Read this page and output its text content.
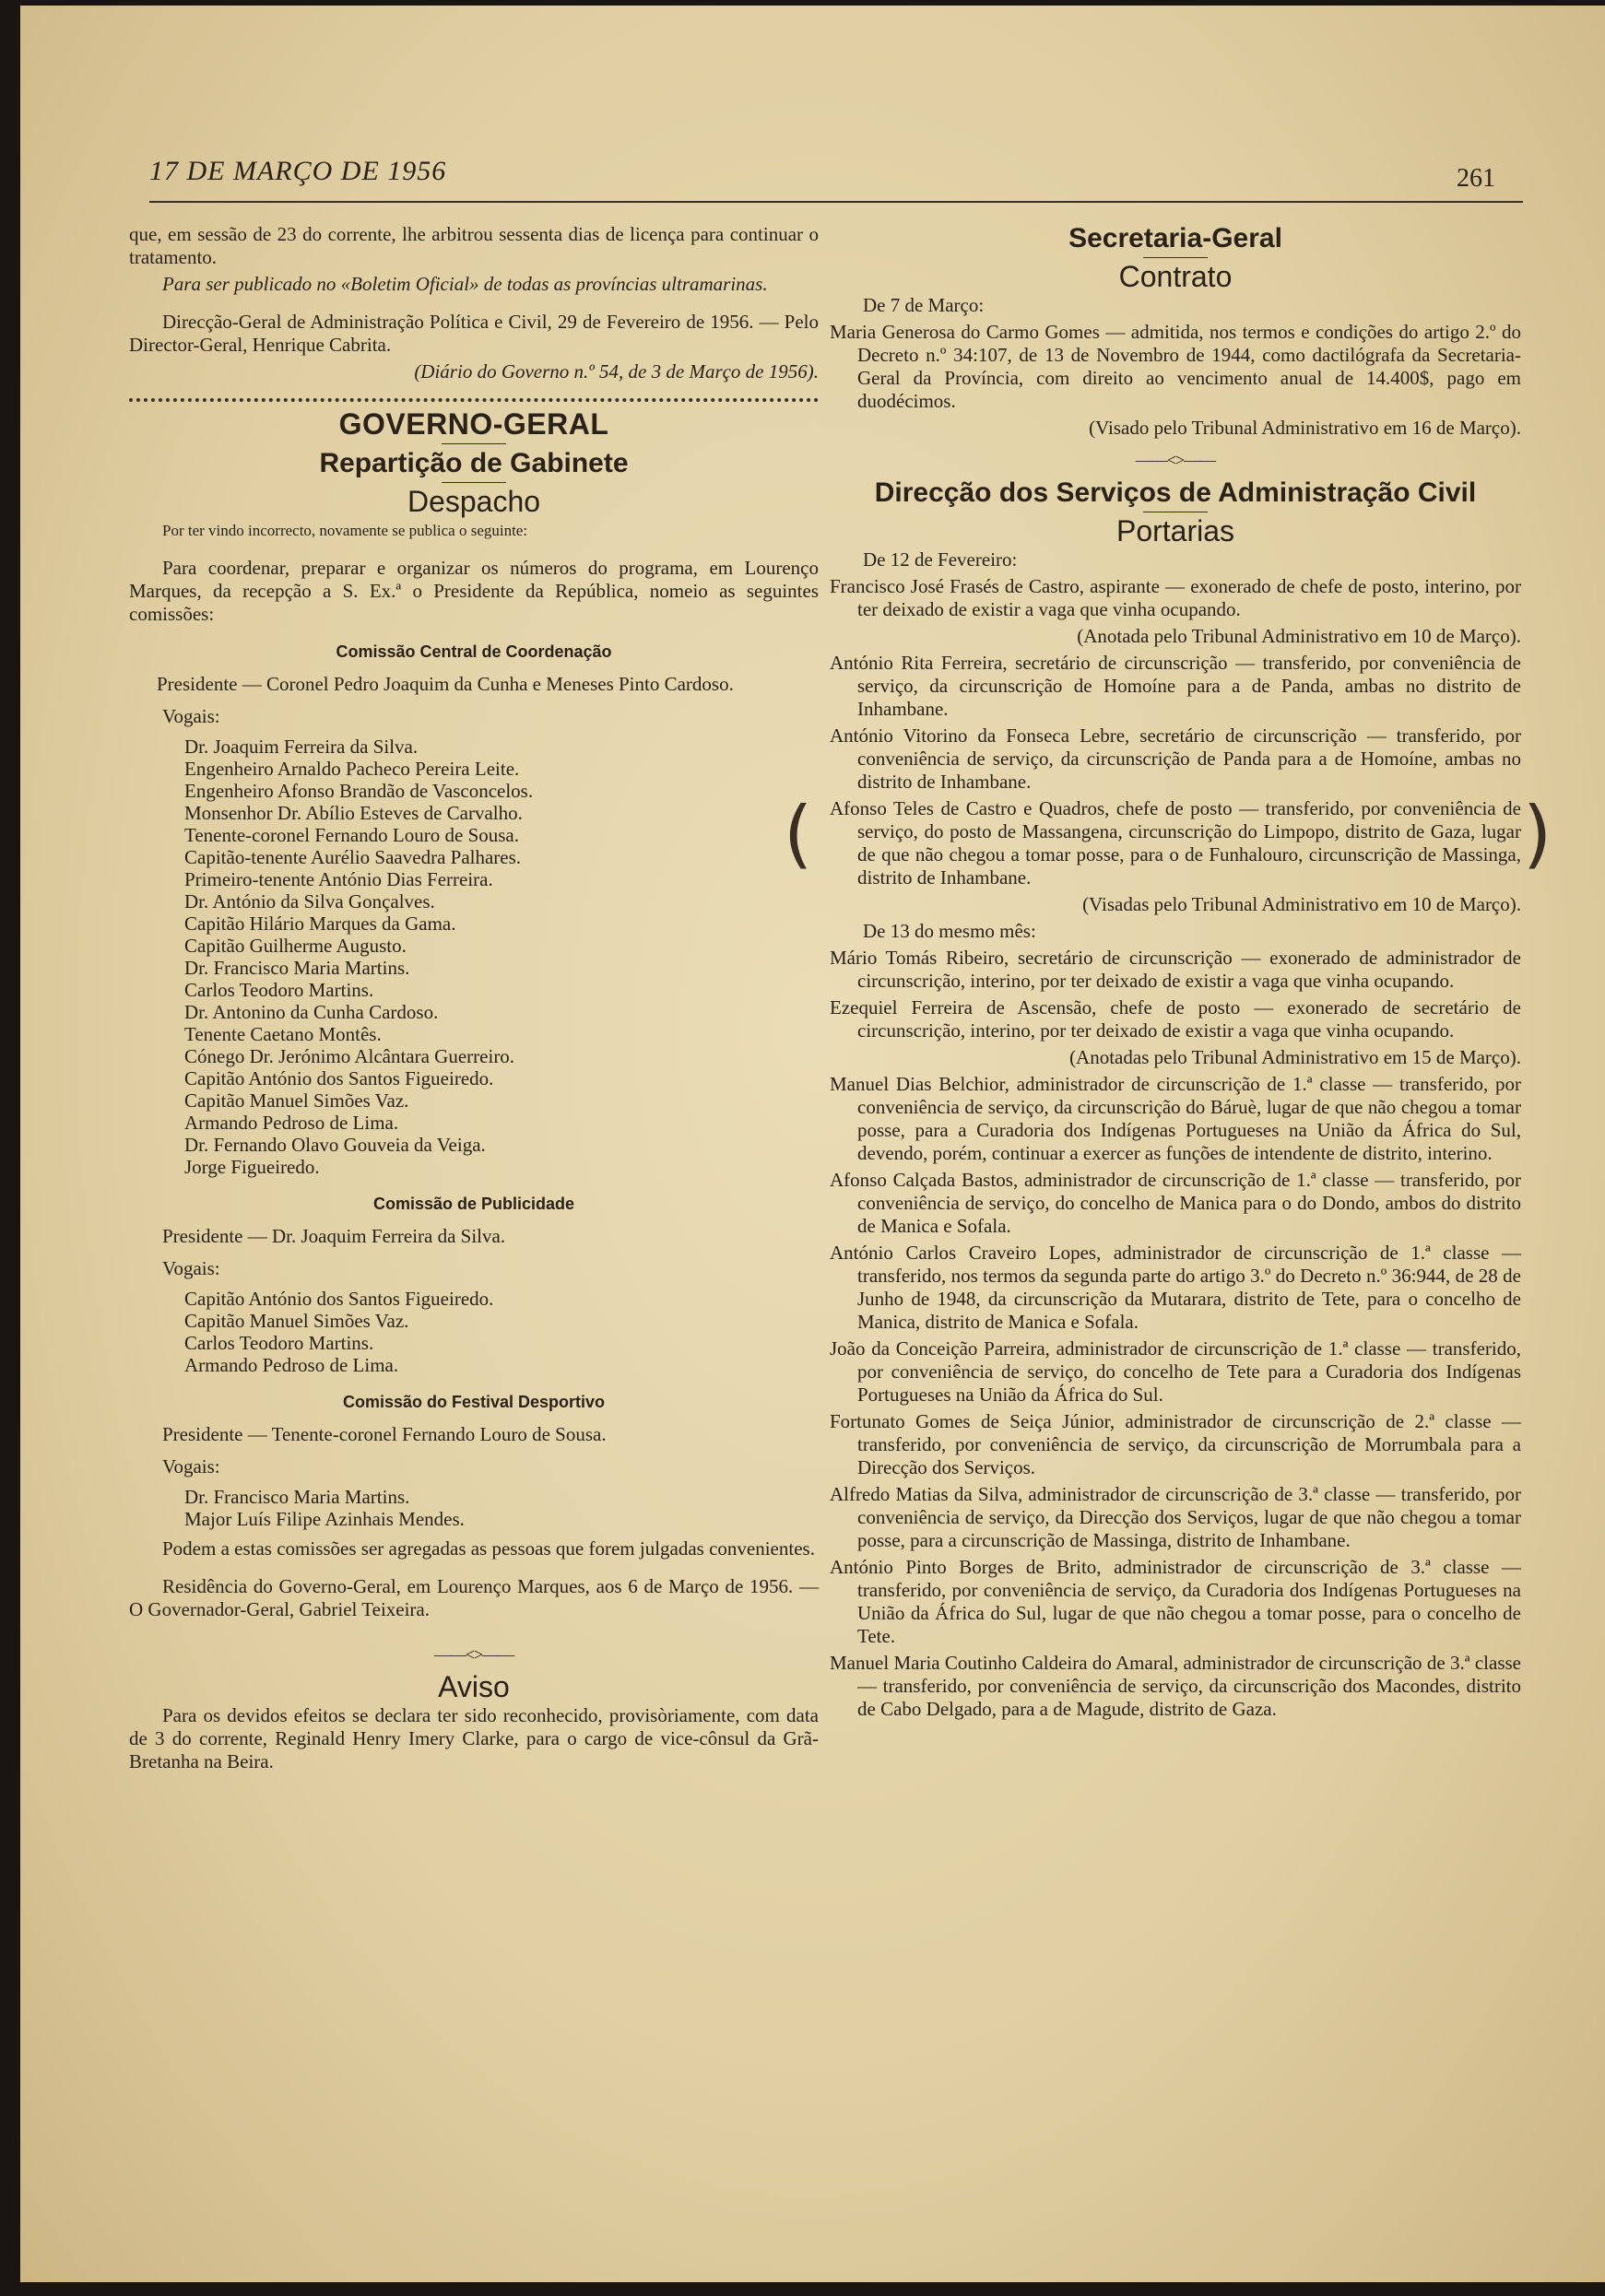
17 DE MARÇO DE 1956	261

que, em sessão de 23 do corrente, lhe arbitrou sessenta dias de licença para continuar o tratamento.

Para ser publicado no «Boletim Oficial» de todas as províncias ultramarinas.

Direcção-Geral de Administração Política e Civil, 29 de Fevereiro de 1956. — Pelo Director-Geral, Henrique Cabrita.

(Diário do Governo n.º 54, de 3 de Março de 1956).

GOVERNO-GERAL
Repartição de Gabinete
Despacho

Por ter vindo incorrecto, novamente se publica o seguinte:

Para coordenar, preparar e organizar os números do programa, em Lourenço Marques, da recepção a S. Ex.ª o Presidente da República, nomeio as seguintes comissões:

Comissão Central de Coordenação

Presidente — Coronel Pedro Joaquim da Cunha e Meneses Pinto Cardoso.

Vogais:

Dr. Joaquim Ferreira da Silva.
Engenheiro Arnaldo Pacheco Pereira Leite.
Engenheiro Afonso Brandão de Vasconcelos.
Monsenhor Dr. Abílio Esteves de Carvalho.
Tenente-coronel Fernando Louro de Sousa.
Capitão-tenente Aurélio Saavedra Palhares.
Primeiro-tenente António Dias Ferreira.
Dr. António da Silva Gonçalves.
Capitão Hilário Marques da Gama.
Capitão Guilherme Augusto.
Dr. Francisco Maria Martins.
Carlos Teodoro Martins.
Dr. Antonino da Cunha Cardoso.
Tenente Caetano Montês.
Cónego Dr. Jerónimo Alcântara Guerreiro.
Capitão António dos Santos Figueiredo.
Capitão Manuel Simões Vaz.
Armando Pedroso de Lima.
Dr. Fernando Olavo Gouveia da Veiga.
Jorge Figueiredo.
Comissão de Publicidade

Presidente — Dr. Joaquim Ferreira da Silva.

Vogais:

Capitão António dos Santos Figueiredo.
Capitão Manuel Simões Vaz.
Carlos Teodoro Martins.
Armando Pedroso de Lima.
Comissão do Festival Desportivo

Presidente — Tenente-coronel Fernando Louro de Sousa.

Vogais:

Dr. Francisco Maria Martins.
Major Luís Filipe Azinhais Mendes.

Podem a estas comissões ser agregadas as pessoas que forem julgadas convenientes.

Residência do Governo-Geral, em Lourenço Marques, aos 6 de Março de 1956. — O Governador-Geral, Gabriel Teixeira.

——<>——
Aviso

Para os devidos efeitos se declara ter sido reconhecido, provisòriamente, com data de 3 do corrente, Reginald Henry Imery Clarke, para o cargo de vice-cônsul da Grã-Bretanha na Beira.

Secretaria-Geral
Contrato

De 7 de Março:

Maria Generosa do Carmo Gomes — admitida, nos termos e condições do artigo 2.º do Decreto n.º 34:107, de 13 de Novembro de 1944, como dactilógrafa da Secretaria-Geral da Província, com direito ao vencimento anual de 14.400$, pago em duodécimos.

(Visado pelo Tribunal Administrativo em 16 de Março).

——<>——
Direcção dos Serviços de Administração Civil
Portarias

De 12 de Fevereiro:

Francisco José Frasés de Castro, aspirante — exonerado de chefe de posto, interino, por ter deixado de existir a vaga que vinha ocupando.

(Anotada pelo Tribunal Administrativo em 10 de Março).

António Rita Ferreira, secretário de circunscrição — transferido, por conveniência de serviço, da circunscrição de Homoíne para a de Panda, ambas no distrito de Inhambane.

António Vitorino da Fonseca Lebre, secretário de circunscrição — transferido, por conveniência de serviço, da circunscrição de Panda para a de Homoíne, ambas no distrito de Inhambane.

Afonso Teles de Castro e Quadros, chefe de posto — transferido, por conveniência de serviço, do posto de Massangena, circunscrição do Limpopo, distrito de Gaza, lugar de que não chegou a tomar posse, para o de Funhalouro, circunscrição de Massinga, distrito de Inhambane.

(Visadas pelo Tribunal Administrativo em 10 de Março).

De 13 do mesmo mês:

Mário Tomás Ribeiro, secretário de circunscrição — exonerado de administrador de circunscrição, interino, por ter deixado de existir a vaga que vinha ocupando.

Ezequiel Ferreira de Ascensão, chefe de posto — exonerado de secretário de circunscrição, interino, por ter deixado de existir a vaga que vinha ocupando.

(Anotadas pelo Tribunal Administrativo em 15 de Março).

Manuel Dias Belchior, administrador de circunscrição de 1.ª classe — transferido, por conveniência de serviço, da circunscrição do Báruè, lugar de que não chegou a tomar posse, para a Curadoria dos Indígenas Portugueses na União da África do Sul, devendo, porém, continuar a exercer as funções de intendente de distrito, interino.

Afonso Calçada Bastos, administrador de circunscrição de 1.ª classe — transferido, por conveniência de serviço, do concelho de Manica para o do Dondo, ambos do distrito de Manica e Sofala.

António Carlos Craveiro Lopes, administrador de circunscrição de 1.ª classe — transferido, nos termos da segunda parte do artigo 3.º do Decreto n.º 36:944, de 28 de Junho de 1948, da circunscrição da Mutarara, distrito de Tete, para o concelho de Manica, distrito de Manica e Sofala.

João da Conceição Parreira, administrador de circunscrição de 1.ª classe — transferido, por conveniência de serviço, do concelho de Tete para a Curadoria dos Indígenas Portugueses na União da África do Sul.

Fortunato Gomes de Seiça Júnior, administrador de circunscrição de 2.ª classe — transferido, por conveniência de serviço, da circunscrição de Morrumbala para a Direcção dos Serviços.

Alfredo Matias da Silva, administrador de circunscrição de 3.ª classe — transferido, por conveniência de serviço, da Direcção dos Serviços, lugar de que não chegou a tomar posse, para a circunscrição de Massinga, distrito de Inhambane.

António Pinto Borges de Brito, administrador de circunscrição de 3.ª classe — transferido, por conveniência de serviço, da Curadoria dos Indígenas Portugueses na União da África do Sul, lugar de que não chegou a tomar posse, para o concelho de Tete.

Manuel Maria Coutinho Caldeira do Amaral, administrador de circunscrição de 3.ª classe — transferido, por conveniência de serviço, da circunscrição dos Macondes, distrito de Cabo Delgado, para a de Magude, distrito de Gaza.

(	)
